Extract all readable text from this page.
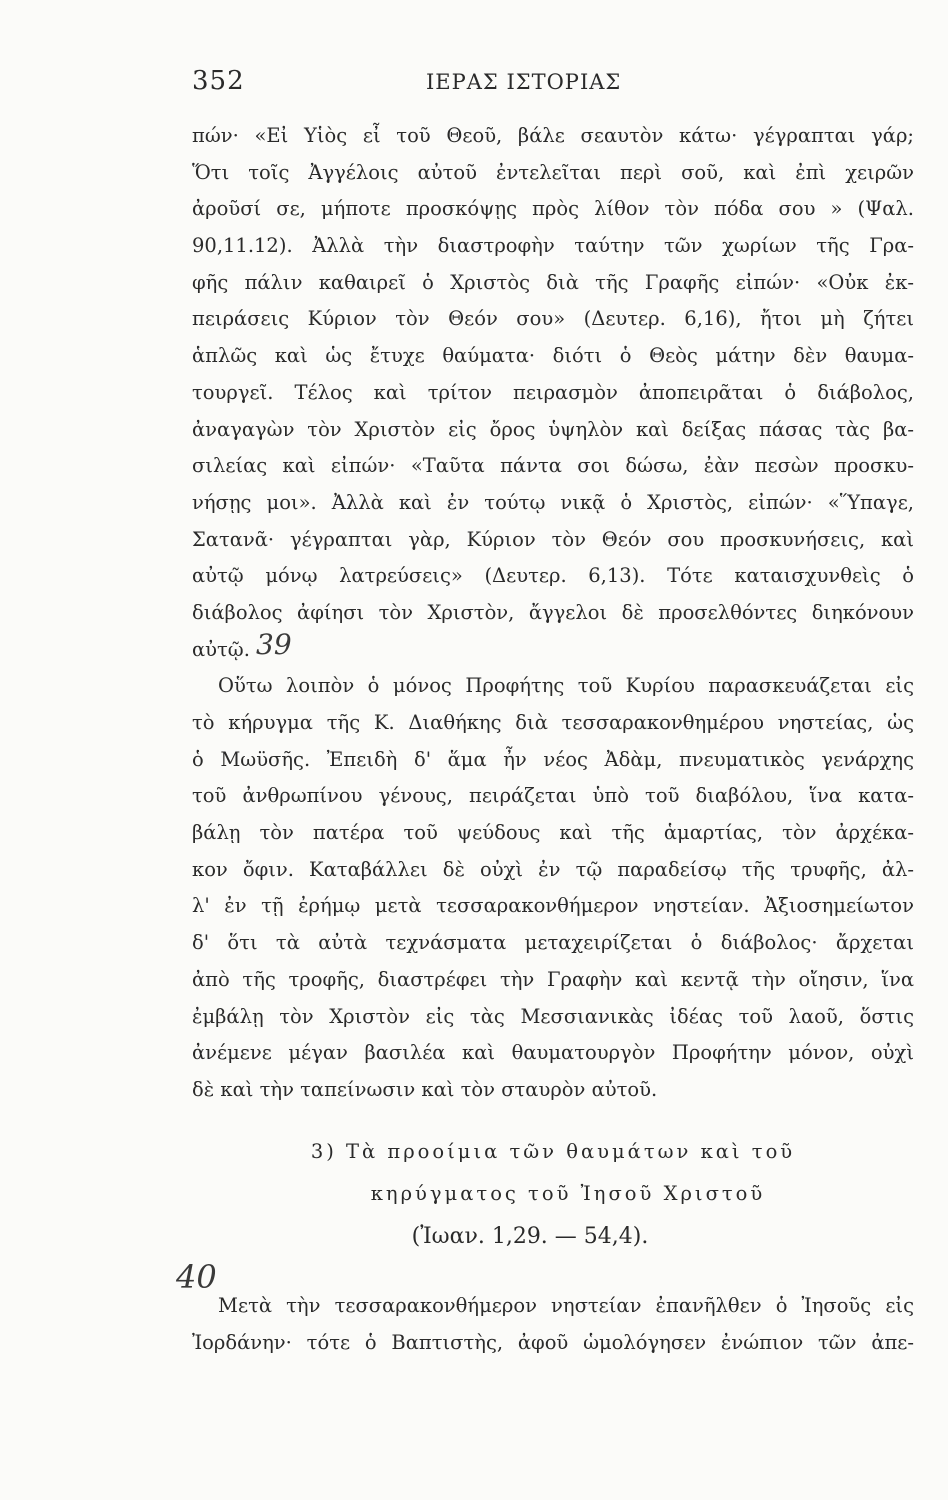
352	ΙΕΡΑΣ ΙΣΤΟΡΙΑΣ
πών· «Εἰ Υἱὸς εἶ τοῦ Θεοῦ, βάλε σεαυτὸν κάτω· γέγραπται γάρ;
Ὅτι τοῖς Ἀγγέλοις αὐτοῦ ἐντελεῖται περὶ σοῦ, καὶ ἐπὶ χειρῶν
ἀροῦσί σε, μήποτε προσκόψῃς πρὸς λίθον τὸν πόδα σου » (Ψαλ.
90,11.12). Ἀλλὰ τὴν διαστροφὴν ταύτην τῶν χωρίων τῆς Γρα-
φῆς πάλιν καθαιρεῖ ὁ Χριστὸς διὰ τῆς Γραφῆς εἰπών· «Οὐκ ἐκ-
πειράσεις Κύριον τὸν Θεόν σου» (Δευτερ. 6,16), ἤτοι μὴ ζήτει
ἁπλῶς καὶ ὡς ἔτυχε θαύματα· διότι ὁ Θεὸς μάτην δὲν θαυμα-
τουργεῖ. Τέλος καὶ τρίτον πειρασμὸν ἀποπειρᾶται ὁ διάβολος,
ἀναγαγὼν τὸν Χριστὸν εἰς ὄρος ὑψηλὸν καὶ δείξας πάσας τὰς βα-
σιλείας καὶ εἰπών· «Ταῦτα πάντα σοι δώσω, ἐὰν πεσὼν προσκυ-
νήσῃς μοι». Ἀλλὰ καὶ ἐν τούτῳ νικᾷ ὁ Χριστὸς, εἰπών· «Ὕπαγε,
Σατανᾶ· γέγραπται γὰρ, Κύριον τὸν Θεόν σου προσκυνήσεις, καὶ
αὐτῷ μόνῳ λατρεύσεις» (Δευτερ. 6,13). Τότε καταισχυνθεὶς ὁ
διάβολος ἀφίησι τὸν Χριστὸν, ἄγγελοι δὲ προσελθόντες διηκόνουν
αὐτῷ.
Οὕτω λοιπὸν ὁ μόνος Προφήτης τοῦ Κυρίου παρασκευάζεται εἰς
τὸ κήρυγμα τῆς Κ. Διαθήκης διὰ τεσσαρακονθημέρου νηστείας, ὡς
ὁ Μωϋσῆς. Ἐπειδὴ δ' ἅμα ἦν νέος Ἀδὰμ, πνευματικὸς γενάρχης
τοῦ ἀνθρωπίνου γένους, πειράζεται ὑπὸ τοῦ διαβόλου, ἵνα κατα-
βάλῃ τὸν πατέρα τοῦ ψεύδους καὶ τῆς ἁμαρτίας, τὸν ἀρχέκα-
κον ὄφιν. Καταβάλλει δὲ οὐχὶ ἐν τῷ παραδείσῳ τῆς τρυφῆς, ἀλ-
λ' ἐν τῇ ἐρήμῳ μετὰ τεσσαρακονθήμερον νηστείαν. Ἀξιοσημείωτον
δ' ὅτι τὰ αὐτὰ τεχνάσματα μεταχειρίζεται ὁ διάβολος· ἄρχεται
ἀπὸ τῆς τροφῆς, διαστρέφει τὴν Γραφὴν καὶ κεντᾷ τὴν οἴησιν, ἵνα
ἐμβάλῃ τὸν Χριστὸν εἰς τὰς Μεσσιανικὰς ἰδέας τοῦ λαοῦ, ὅστις
ἀνέμενε μέγαν βασιλέα καὶ θαυματουργὸν Προφήτην μόνον, οὐχὶ
δὲ καὶ τὴν ταπείνωσιν καὶ τὸν σταυρὸν αὐτοῦ.
39
3) Τὰ προοίμια τῶν θαυμάτων καὶ τοῦ
κηρύγματος τοῦ Ἰησοῦ Χριστοῦ
(Ἰωαν. 1,29. — 54,4).
40
Μετὰ τὴν τεσσαρακονθήμερον νηστείαν ἐπανῆλθεν ὁ Ἰησοῦς εἰς
Ἰορδάνην· τότε ὁ Βαπτιστὴς, ἀφοῦ ὡμολόγησεν ἐνώπιον τῶν ἀπε-
